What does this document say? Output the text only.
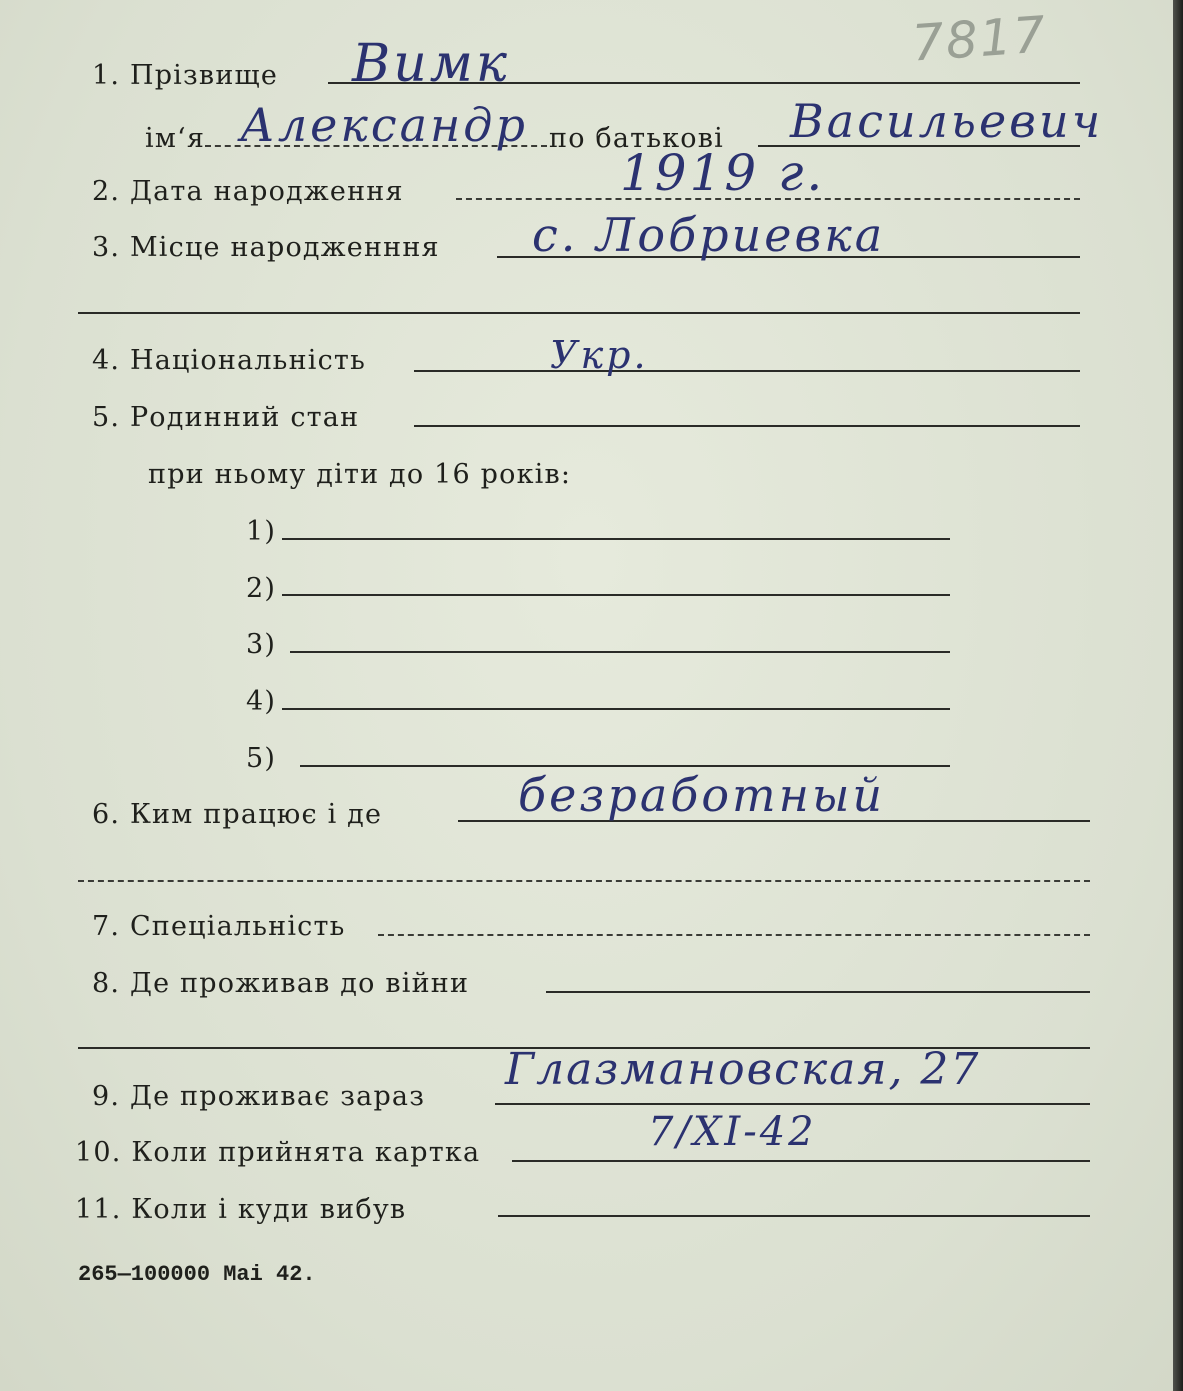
7817
1. Прізвище Вимк
ім‘я Александр по батькові Васильевич
2. Дата народження	1919 г.
3. Місце народженння с. Лобриевка
4. Національність	Укр.
5. Родинний стан
при ньому діти до 16 років:
1)
2)
3)
4)
5)
6. Ким працює і де	безработный
7. Спеціальність
8. Де проживав до війни
9. Де проживає зараз
Глазмановская, 27
10. Коли прийнята картка	7/XI-42
11. Коли і куди вибув
265—100000 Mai 42.
